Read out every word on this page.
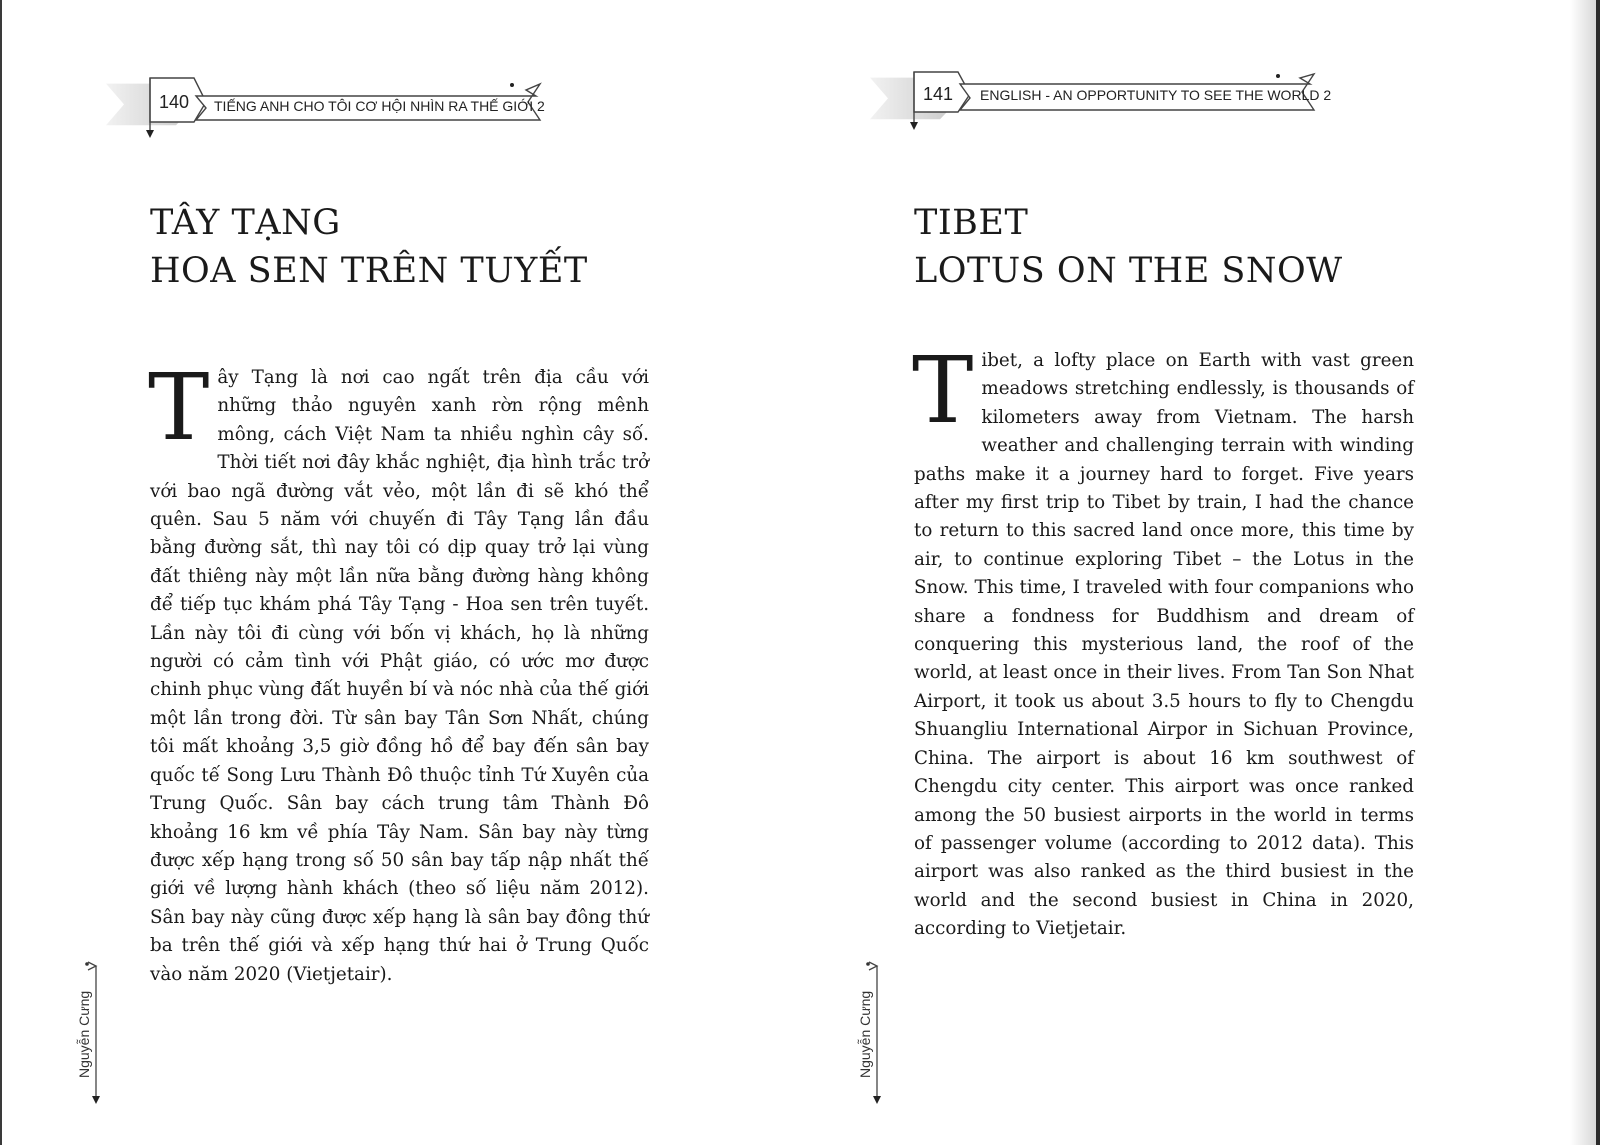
140 TIẾNG ANH CHO TÔI CƠ HỘI NHÌN RA THẾ GIỚI 2
TÂY TẠNG
HOA SEN TRÊN TUYẾT
Tây Tạng là nơi cao ngất trên địa cầu với những thảo nguyên xanh rờn rộng mênh mông, cách Việt Nam ta nhiều nghìn cây số. Thời tiết nơi đây khắc nghiệt, địa hình trắc trở với bao ngã đường vắt vẻo, một lần đi sẽ khó thể quên. Sau 5 năm với chuyến đi Tây Tạng lần đầu bằng đường sắt, thì nay tôi có dịp quay trở lại vùng đất thiêng này một lần nữa bằng đường hàng không để tiếp tục khám phá Tây Tạng - Hoa sen trên tuyết. Lần này tôi đi cùng với bốn vị khách, họ là những người có cảm tình với Phật giáo, có ước mơ được chinh phục vùng đất huyền bí và nóc nhà của thế giới một lần trong đời. Từ sân bay Tân Sơn Nhất, chúng tôi mất khoảng 3,5 giờ đồng hồ để bay đến sân bay quốc tế Song Lưu Thành Đô thuộc tỉnh Tứ Xuyên của Trung Quốc. Sân bay cách trung tâm Thành Đô khoảng 16 km về phía Tây Nam. Sân bay này từng được xếp hạng trong số 50 sân bay tấp nập nhất thế giới về lượng hành khách (theo số liệu năm 2012). Sân bay này cũng được xếp hạng là sân bay đông thứ ba trên thế giới và xếp hạng thứ hai ở Trung Quốc vào năm 2020 (Vietjetair).
Nguyễn Cưng
141 ENGLISH - AN OPPORTUNITY TO SEE THE WORLD 2
TIBET
LOTUS ON THE SNOW
Tibet, a lofty place on Earth with vast green meadows stretching endlessly, is thousands of kilometers away from Vietnam. The harsh weather and challenging terrain with winding paths make it a journey hard to forget. Five years after my first trip to Tibet by train, I had the chance to return to this sacred land once more, this time by air, to continue exploring Tibet – the Lotus in the Snow. This time, I traveled with four companions who share a fondness for Buddhism and dream of conquering this mysterious land, the roof of the world, at least once in their lives. From Tan Son Nhat Airport, it took us about 3.5 hours to fly to Chengdu Shuangliu International Airpor in Sichuan Province, China. The airport is about 16 km southwest of Chengdu city center. This airport was once ranked among the 50 busiest airports in the world in terms of passenger volume (according to 2012 data). This airport was also ranked as the third busiest in the world and the second busiest in China in 2020, according to Vietjetair.
Nguyễn Cưng
